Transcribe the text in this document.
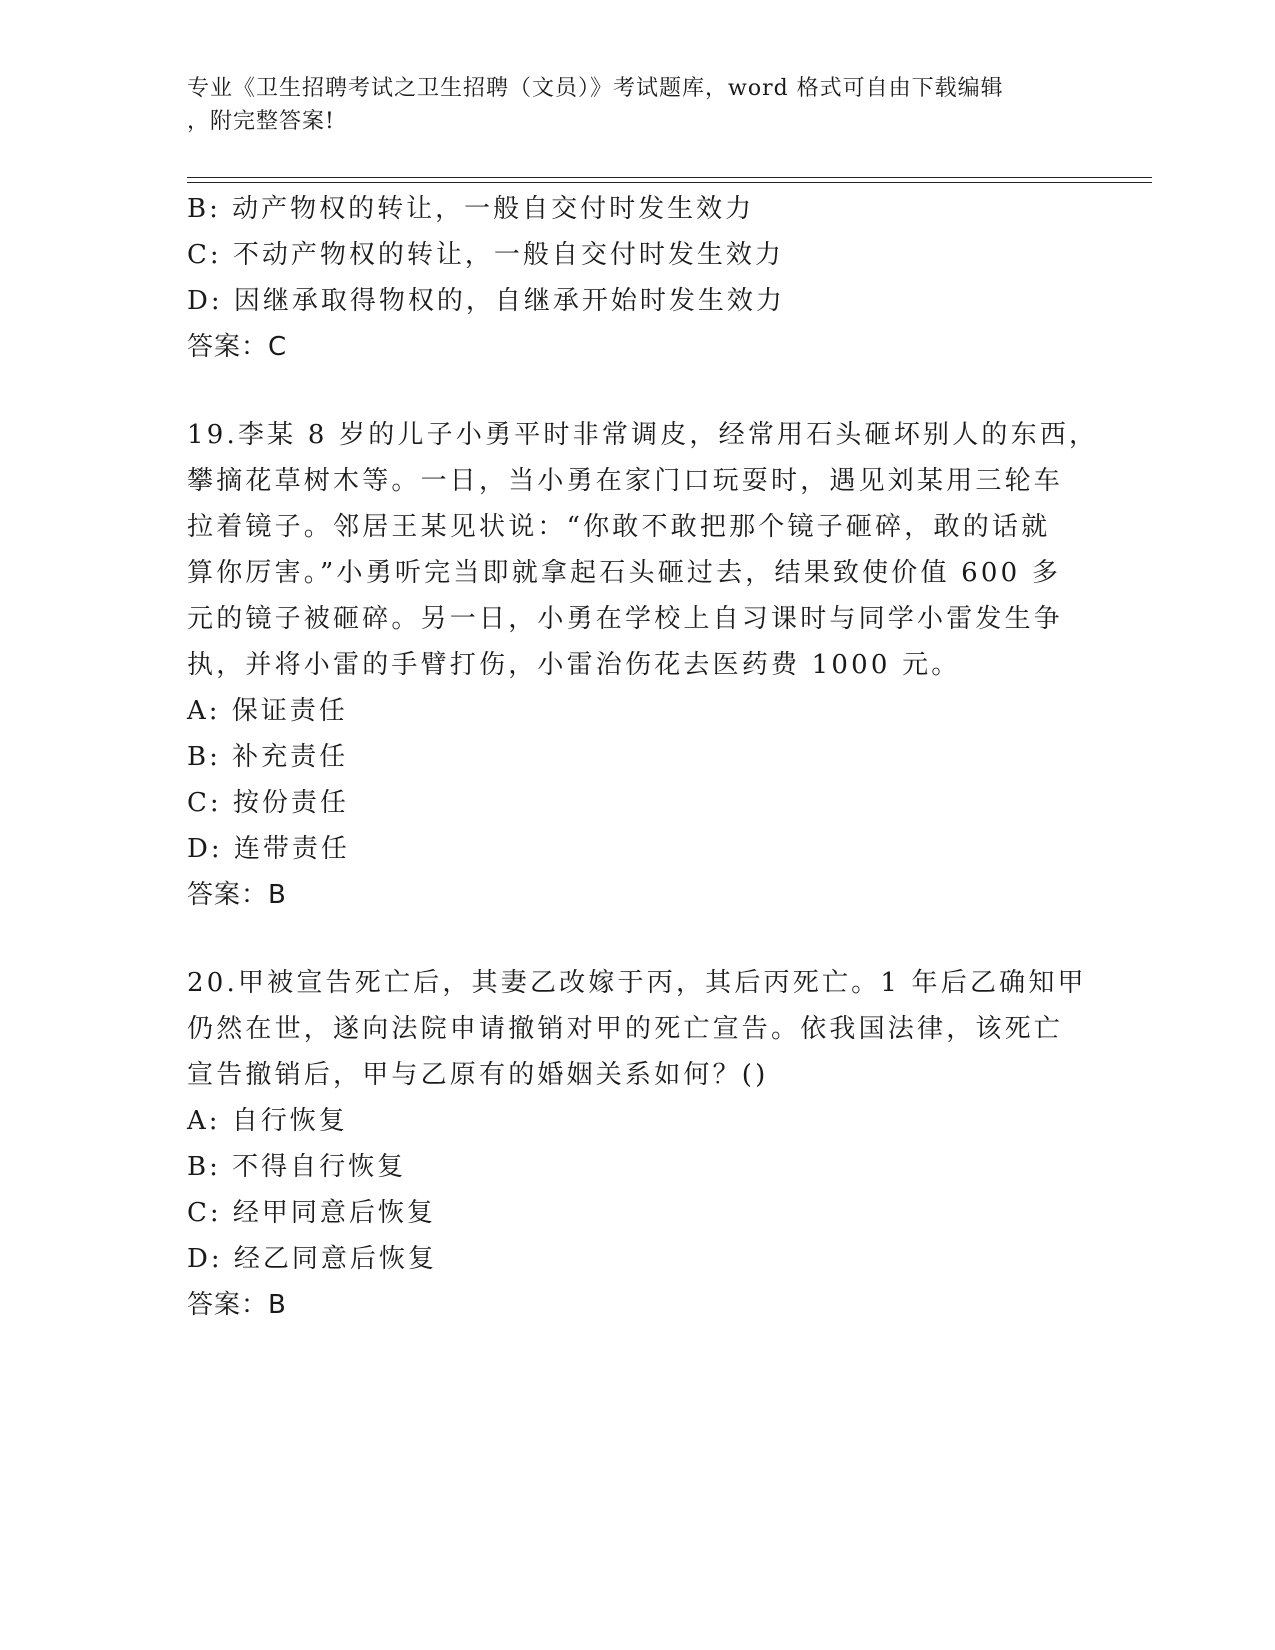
专业《卫生招聘考试之卫生招聘（文员）》考试题库，word 格式可自由下载编辑
，附完整答案!
B: 动产物权的转让，一般自交付时发生效力
C: 不动产物权的转让，一般自交付时发生效力
D: 因继承取得物权的，自继承开始时发生效力
答案：C
19.李某 8 岁的儿子小勇平时非常调皮，经常用石头砸坏别人的东西，
攀摘花草树木等。一日，当小勇在家门口玩耍时，遇见刘某用三轮车
拉着镜子。邻居王某见状说：“你敢不敢把那个镜子砸碎，敢的话就
算你厉害。”小勇听完当即就拿起石头砸过去，结果致使价值 600 多
元的镜子被砸碎。另一日，小勇在学校上自习课时与同学小雷发生争
执，并将小雷的手臂打伤，小雷治伤花去医药费 1000 元。
A: 保证责任
B: 补充责任
C: 按份责任
D: 连带责任
答案：B
20.甲被宣告死亡后，其妻乙改嫁于丙，其后丙死亡。1 年后乙确知甲
仍然在世，遂向法院申请撤销对甲的死亡宣告。依我国法律，该死亡
宣告撤销后，甲与乙原有的婚姻关系如何？()
A: 自行恢复
B: 不得自行恢复
C: 经甲同意后恢复
D: 经乙同意后恢复
答案：B
